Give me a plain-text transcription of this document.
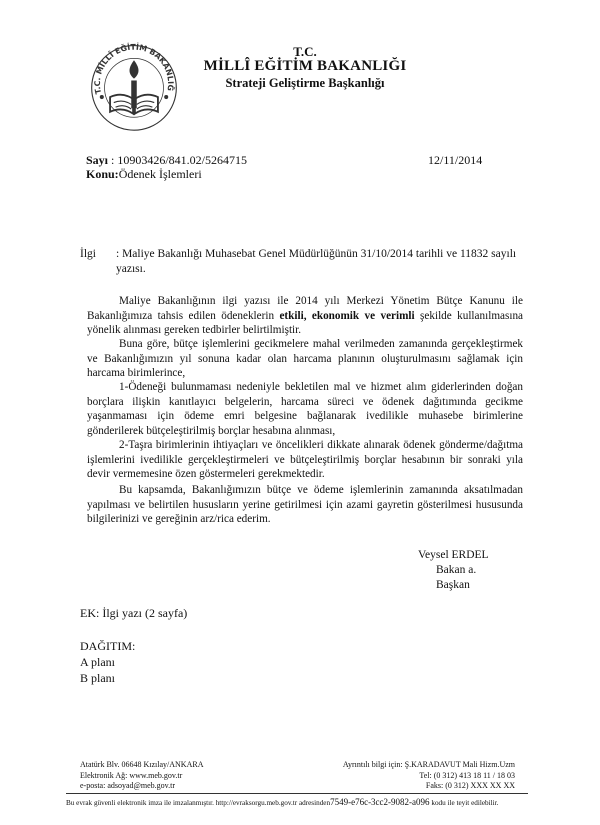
T.C. MİLLÎ EĞİTİM BAKANLIĞ
T.C.
MİLLÎ EĞİTİM BAKANLIĞI
Strateji Geliştirme Başkanlığı
Sayı : 10903426/841.02/5264715
Konu:Ödenek İşlemleri
12/11/2014
İlgi : Maliye Bakanlığı Muhasebat Genel Müdürlüğünün 31/10/2014 tarihli ve 11832 sayılı
yazısı.

Maliye Bakanlığının ilgi yazısı ile 2014 yılı Merkezi Yönetim Bütçe Kanunu ile Bakanlığımıza tahsis edilen ödeneklerin etkili, ekonomik ve verimli şekilde kullanılmasına yönelik alınması gereken tedbirler belirtilmiştir.

Buna göre, bütçe işlemlerini gecikmelere mahal verilmeden zamanında gerçekleştirmek ve Bakanlığımızın yıl sonuna kadar olan harcama planının oluşturulmasını sağlamak için harcama birimlerince,

1-Ödeneği bulunmaması nedeniyle bekletilen mal ve hizmet alım giderlerinden doğan borçlara ilişkin kanıtlayıcı belgelerin, harcama süreci ve ödenek dağıtımında gecikme yaşanmaması için ödeme emri belgesine bağlanarak ivedilikle muhasebe birimlerine gönderilerek bütçeleştirilmiş borçlar hesabına alınması,

2-Taşra birimlerinin ihtiyaçları ve öncelikleri dikkate alınarak ödenek gönderme/dağıtma işlemlerini ivedilikle gerçekleştirmeleri ve bütçeleştirilmiş borçlar hesabının bir sonraki yıla devir vermemesine özen göstermeleri gerekmektedir.

Bu kapsamda, Bakanlığımızın bütçe ve ödeme işlemlerinin zamanında aksatılmadan yapılması ve belirtilen hususların yerine getirilmesi için azami gayretin gösterilmesi hususunda bilgilerinizi ve gereğinin arz/rica ederim.

Veysel ERDEL
Bakan a.
Başkan
EK: İlgi yazı (2 sayfa)
DAĞITIM:
A planı
B planı
Atatürk Blv. 06648 Kızılay/ANKARA
Elektronik Ağ: www.meb.gov.tr
e-posta: adsoyad@meb.gov.tr
Ayrıntılı bilgi için: Ş.KARADAVUT Mali Hizm.Uzm
Tel: (0 312) 413 18 11 / 18 03
Faks: (0 312) XXX XX XX
Bu evrak güvenli elektronik imza ile imzalanmıştır. http://evraksorgu.meb.gov.tr adresinden7549-e76c-3cc2-9082-a096 kodu ile teyit edilebilir.
